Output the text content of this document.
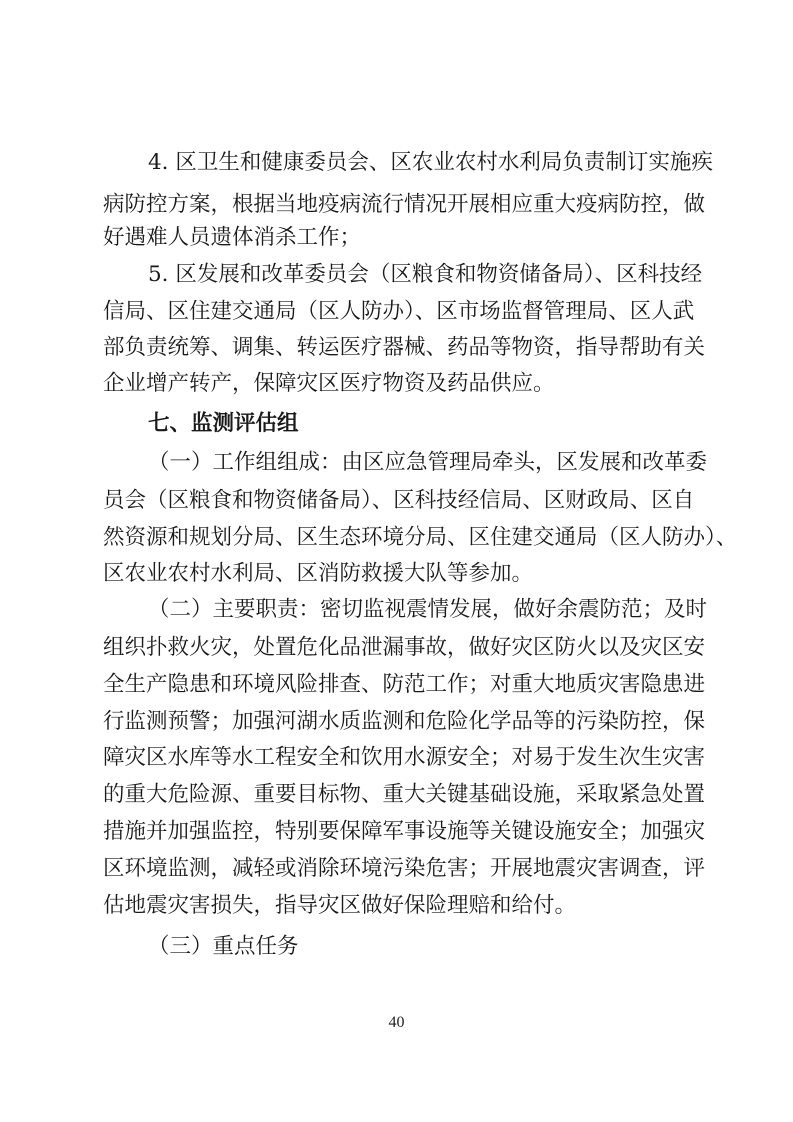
4. 区卫生和健康委员会、区农业农村水利局负责制订实施疾
病防控方案，根据当地疫病流行情况开展相应重大疫病防控，做
好遇难人员遗体消杀工作；
5. 区发展和改革委员会（区粮食和物资储备局）、区科技经
信局、区住建交通局（区人防办）、区市场监督管理局、区人武
部负责统筹、调集、转运医疗器械、药品等物资，指导帮助有关
企业增产转产，保障灾区医疗物资及药品供应。
七、监测评估组
（一）工作组组成：由区应急管理局牵头，区发展和改革委
员会（区粮食和物资储备局）、区科技经信局、区财政局、区自
然资源和规划分局、区生态环境分局、区住建交通局（区人防办）、
区农业农村水利局、区消防救援大队等参加。
（二）主要职责：密切监视震情发展，做好余震防范；及时
组织扑救火灾，处置危化品泄漏事故，做好灾区防火以及灾区安
全生产隐患和环境风险排查、防范工作；对重大地质灾害隐患进
行监测预警；加强河湖水质监测和危险化学品等的污染防控，保
障灾区水库等水工程安全和饮用水源安全；对易于发生次生灾害
的重大危险源、重要目标物、重大关键基础设施，采取紧急处置
措施并加强监控，特别要保障军事设施等关键设施安全；加强灾
区环境监测，减轻或消除环境污染危害；开展地震灾害调查，评
估地震灾害损失，指导灾区做好保险理赔和给付。
（三）重点任务
40
